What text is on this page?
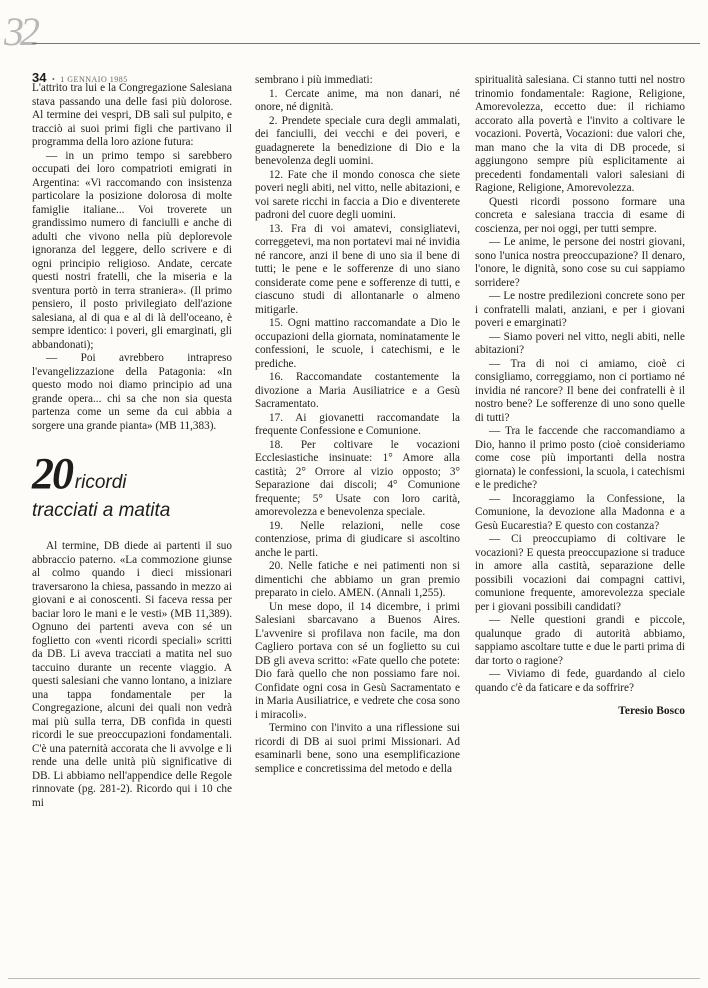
32
34  •  1 GENNAIO 1985

L'attrito tra lui e la Congregazione Salesiana stava passando una delle fasi più dolorose. Al termine dei vespri, DB salì sul pulpito, e tracciò ai suoi primi figli che partivano il programma della loro azione futura:

— in un primo tempo si sarebbero occupati dei loro compatrioti emigrati in Argentina: «Vi raccomando con insistenza particolare la posizione dolorosa di molte famiglie italiane... Voi troverete un grandissimo numero di fanciulli e anche di adulti che vivono nella più deplorevole ignoranza del leggere, dello scrivere e di ogni principio religioso. Andate, cercate questi nostri fratelli, che la miseria e la sventura portò in terra straniera». (Il primo pensiero, il posto privilegiato dell'azione salesiana, al di qua e al di là dell'oceano, è sempre identico: i poveri, gli emarginati, gli abbandonati);

— Poi avrebbero intrapreso l'evangelizzazione della Patagonia: «In questo modo noi diamo principio ad una grande opera... chi sa che non sia questa partenza come un seme da cui abbia a sorgere una grande pianta» (MB 11,383).

20 ricordi
tracciati a matita

Al termine, DB diede ai partenti il suo abbraccio paterno. «La commozione giunse al colmo quando i dieci missionari traversarono la chiesa, passando in mezzo ai giovani e ai conoscenti. Si faceva ressa per baciar loro le mani e le vesti» (MB 11,389). Ognuno dei partenti aveva con sé un foglietto con «venti ricordi speciali» scritti da DB. Li aveva tracciati a matita nel suo taccuino durante un recente viaggio. A questi salesiani che vanno lontano, a iniziare una tappa fondamentale per la Congregazione, alcuni dei quali non vedrà mai più sulla terra, DB confida in questi ricordi le sue preoccupazioni fondamentali. C'è una paternità accorata che li avvolge e li rende una delle unità più significative di DB. Li abbiamo nell'appendice delle Regole rinnovate (pg. 281-2). Ricordo qui i 10 che mi

sembrano i più immediati:

1. Cercate anime, ma non danari, né onore, né dignità.

2. Prendete speciale cura degli ammalati, dei fanciulli, dei vecchi e dei poveri, e guadagnerete la benedizione di Dio e la benevolenza degli uomini.

12. Fate che il mondo conosca che siete poveri negli abiti, nel vitto, nelle abitazioni, e voi sarete ricchi in faccia a Dio e diventerete padroni del cuore degli uomini.

13. Fra di voi amatevi, consigliatevi, correggetevi, ma non portatevi mai né invidia né rancore, anzi il bene di uno sia il bene di tutti; le pene e le sofferenze di uno siano considerate come pene e sofferenze di tutti, e ciascuno studi di allontanarle o almeno mitigarle.

15. Ogni mattino raccomandate a Dio le occupazioni della giornata, nominatamente le confessioni, le scuole, i catechismi, e le prediche.

16. Raccomandate costantemente la divozione a Maria Ausiliatrice e a Gesù Sacramentato.

17. Ai giovanetti raccomandate la frequente Confessione e Comunione.

18. Per coltivare le vocazioni Ecclesiastiche insinuate: 1° Amore alla castità; 2° Orrore al vizio opposto; 3° Separazione dai discoli; 4° Comunione frequente; 5° Usate con loro carità, amorevolezza e benevolenza speciale.

19. Nelle relazioni, nelle cose contenziose, prima di giudicare si ascoltino anche le parti.

20. Nelle fatiche e nei patimenti non si dimentichi che abbiamo un gran premio preparato in cielo. AMEN. (Annali 1,255).

Un mese dopo, il 14 dicembre, i primi Salesiani sbarcavano a Buenos Aires. L'avvenire si profilava non facile, ma don Cagliero portava con sé un foglietto su cui DB gli aveva scritto: «Fate quello che potete: Dio farà quello che non possiamo fare noi. Confidate ogni cosa in Gesù Sacramentato e in Maria Ausiliatrice, e vedrete che cosa sono i miracoli».

Termino con l'invito a una riflessione sui ricordi di DB ai suoi primi Missionari. Ad esaminarli bene, sono una esemplificazione semplice e concretissima del metodo e della

spiritualità salesiana. Ci stanno tutti nel nostro trinomio fondamentale: Ragione, Religione, Amorevolezza, eccetto due: il richiamo accorato alla povertà e l'invito a coltivare le vocazioni. Povertà, Vocazioni: due valori che, man mano che la vita di DB procede, si aggiungono sempre più esplicitamente ai precedenti fondamentali valori salesiani di Ragione, Religione, Amorevolezza.

Questi ricordi possono formare una concreta e salesiana traccia di esame di coscienza, per noi oggi, per tutti sempre.

— Le anime, le persone dei nostri giovani, sono l'unica nostra preoccupazione? Il denaro, l'onore, le dignità, sono cose su cui sappiamo sorridere?

— Le nostre predilezioni concrete sono per i confratelli malati, anziani, e per i giovani poveri e emarginati?

— Siamo poveri nel vitto, negli abiti, nelle abitazioni?

— Tra di noi ci amiamo, cioè ci consigliamo, correggiamo, non ci portiamo né invidia né rancore? Il bene dei confratelli è il nostro bene? Le sofferenze di uno sono quelle di tutti?

— Tra le faccende che raccomandiamo a Dio, hanno il primo posto (cioè consideriamo come cose più importanti della nostra giornata) le confessioni, la scuola, i catechismi e le prediche?

— Incoraggiamo la Confessione, la Comunione, la devozione alla Madonna e a Gesù Eucarestia? E questo con costanza?

— Ci preoccupiamo di coltivare le vocazioni? E questa preoccupazione si traduce in amore alla castità, separazione delle possibili vocazioni dai compagni cattivi, comunione frequente, amorevolezza speciale per i giovani possibili candidati?

— Nelle questioni grandi e piccole, qualunque grado di autorità abbiamo, sappiamo ascoltare tutte e due le parti prima di dar torto o ragione?

— Viviamo di fede, guardando al cielo quando c'è da faticare e da soffrire?

Teresio Bosco
